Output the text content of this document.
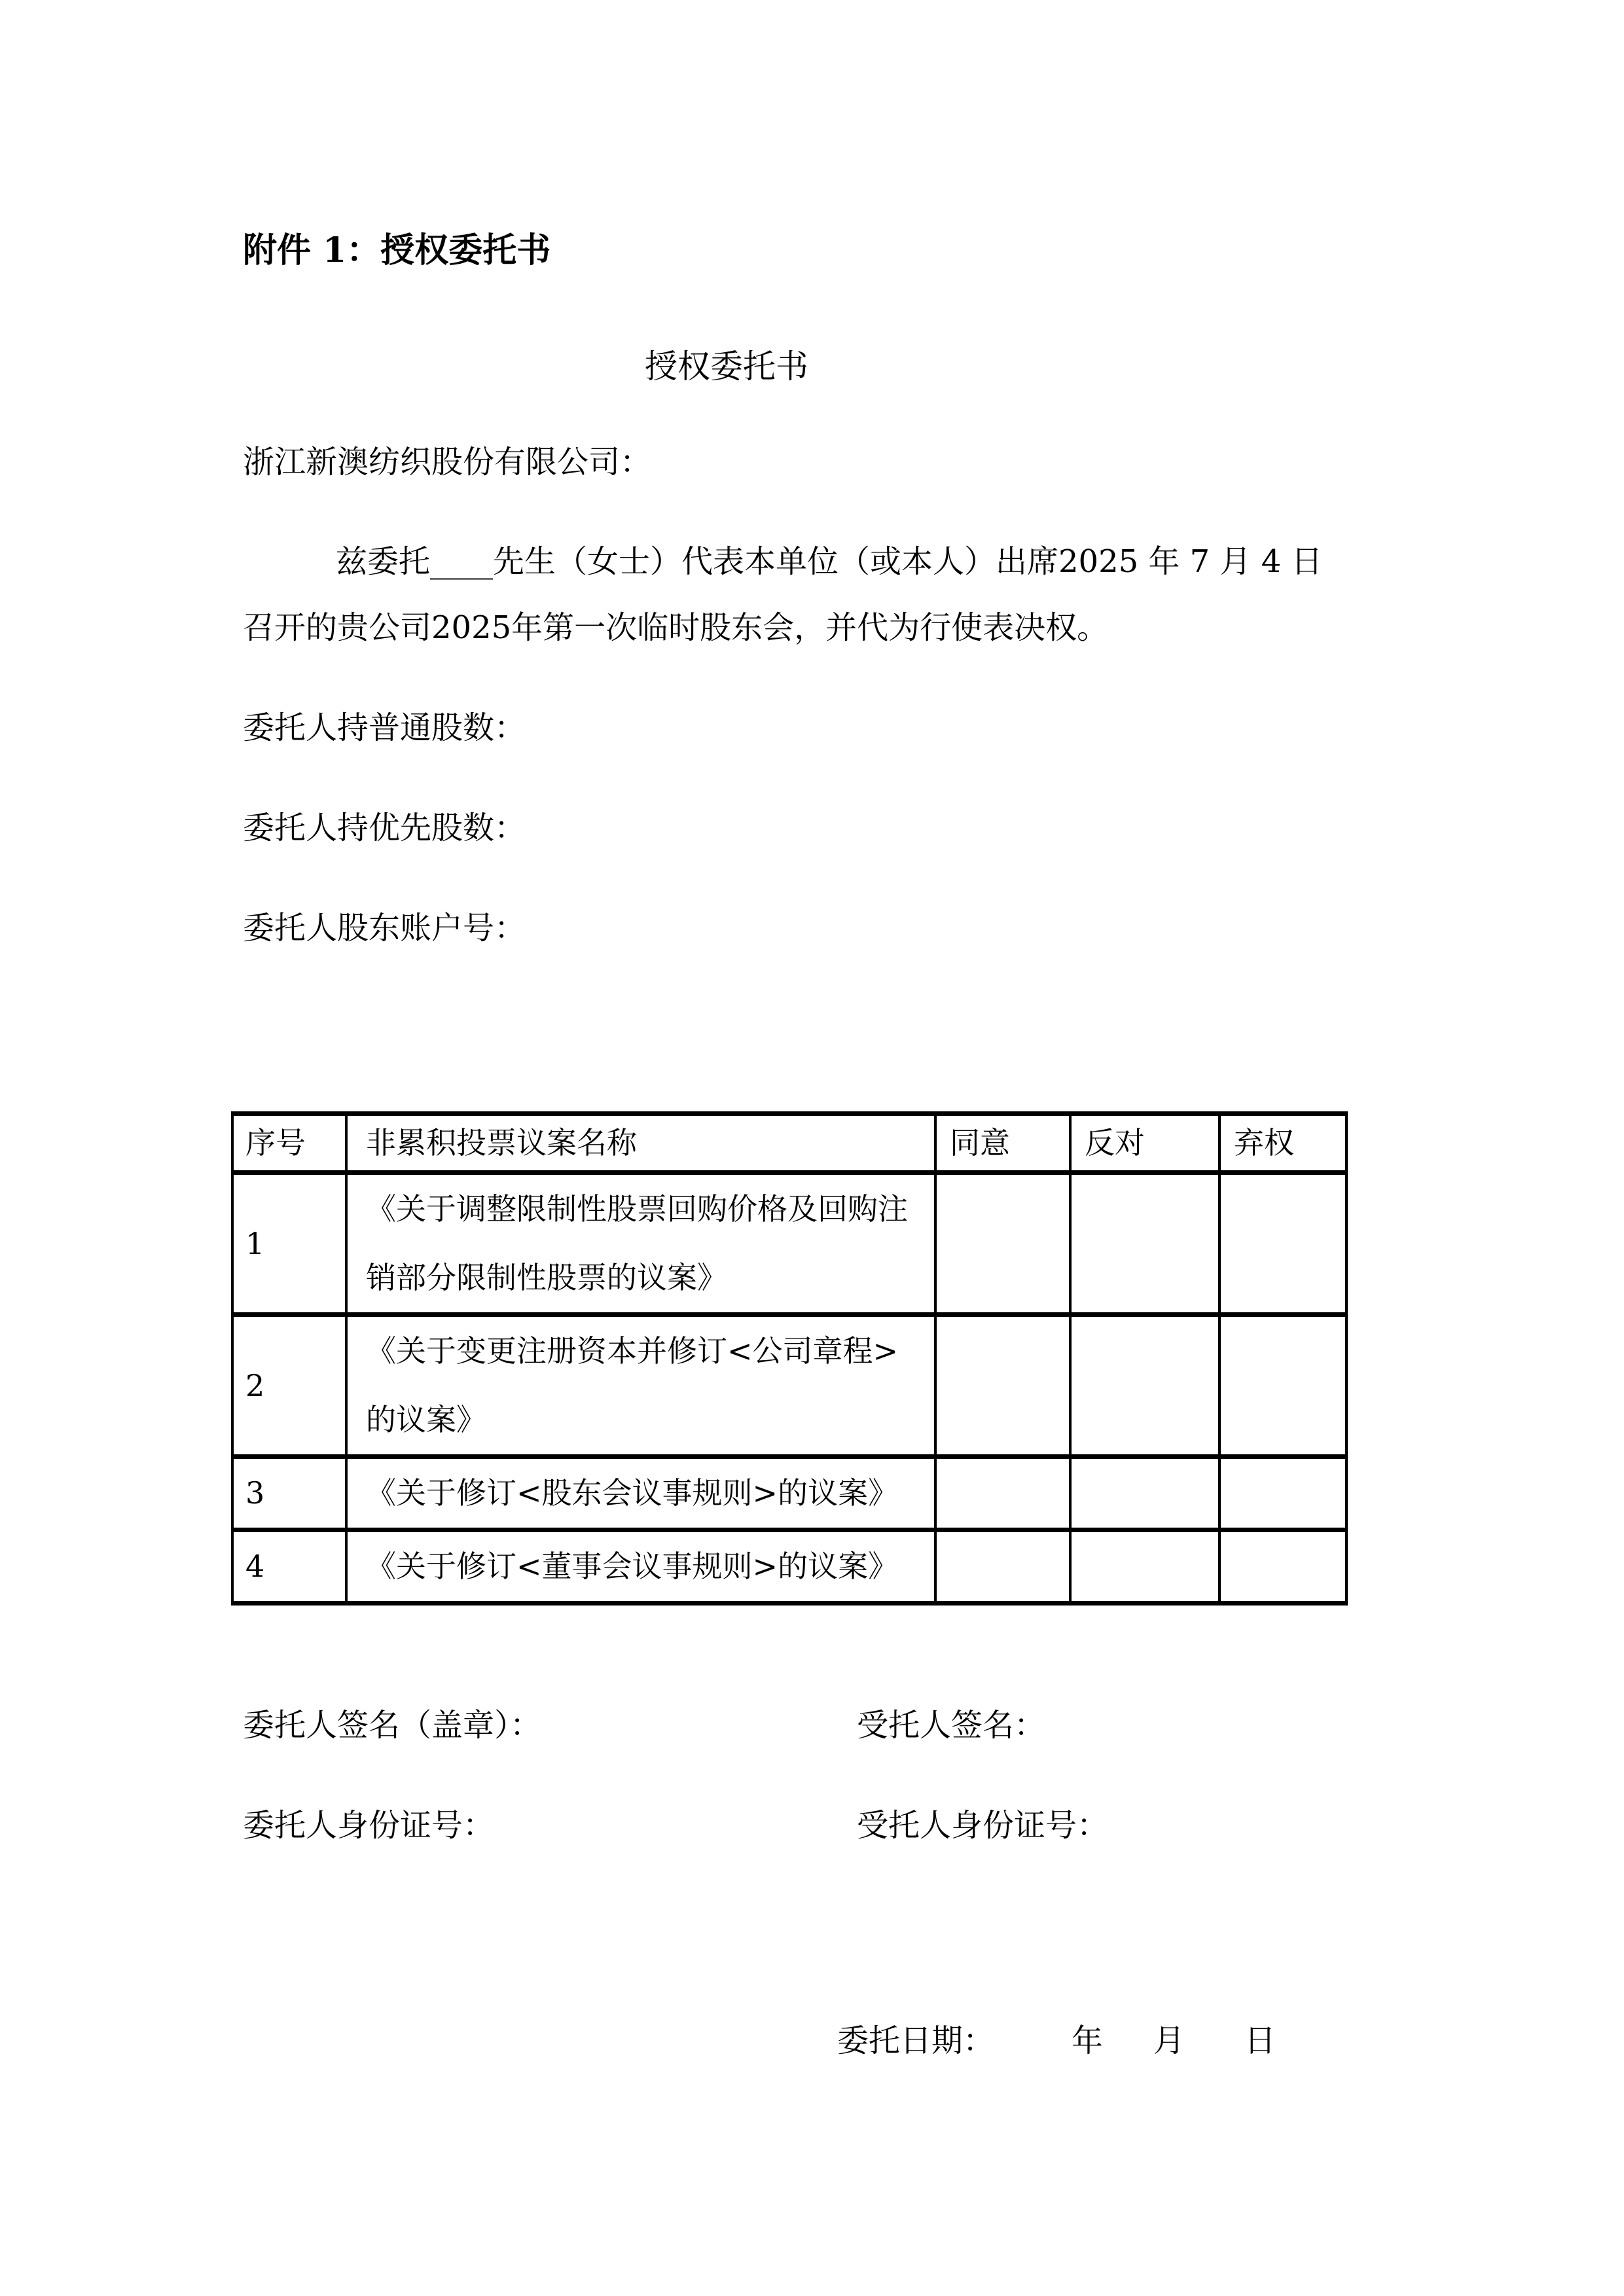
附件 1：授权委托书
授权委托书
浙江新澳纺织股份有限公司：
兹委托____先生（女士）代表本单位（或本人）出席2025 年 7 月 4 日
召开的贵公司2025年第一次临时股东会，并代为行使表决权。
委托人持普通股数：
委托人持优先股数：
委托人股东账户号：
序号	非累积投票议案名称	同意	反对	弃权
1	《关于调整限制性股票回购价格及回购注销部分限制性股票的议案》			
2	《关于变更注册资本并修订<公司章程>的议案》			
3	《关于修订<股东会议事规则>的议案》			
4	《关于修订<董事会议事规则>的议案》			
委托人签名（盖章）：	受托人签名：
委托人身份证号：	受托人身份证号：
委托日期： 年 月 日
